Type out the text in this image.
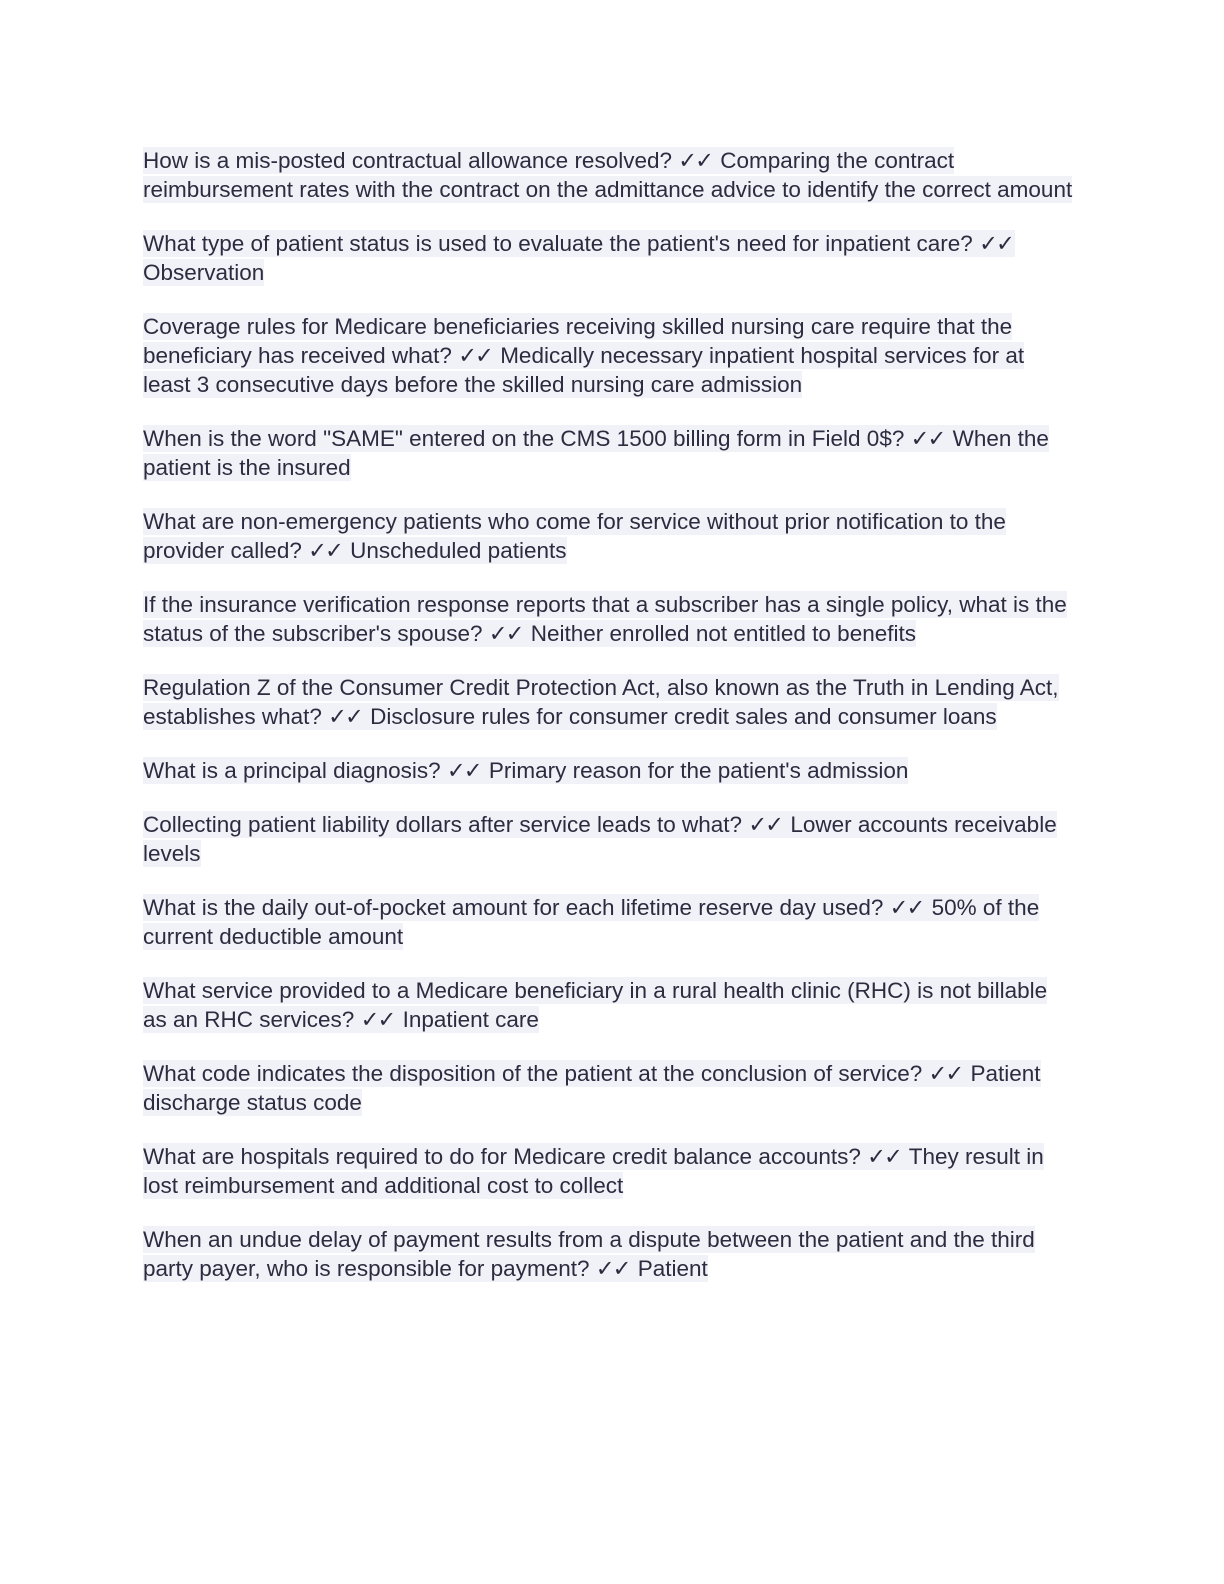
How is a mis-posted contractual allowance resolved? ✓✓ Comparing the contract reimbursement rates with the contract on the admittance advice to identify the correct amount

What type of patient status is used to evaluate the patient's need for inpatient care? ✓✓ Observation

Coverage rules for Medicare beneficiaries receiving skilled nursing care require that the beneficiary has received what? ✓✓ Medically necessary inpatient hospital services for at least 3 consecutive days before the skilled nursing care admission

When is the word "SAME" entered on the CMS 1500 billing form in Field 0$? ✓✓ When the patient is the insured

What are non-emergency patients who come for service without prior notification to the provider called? ✓✓ Unscheduled patients

If the insurance verification response reports that a subscriber has a single policy, what is the status of the subscriber's spouse? ✓✓ Neither enrolled not entitled to benefits

Regulation Z of the Consumer Credit Protection Act, also known as the Truth in Lending Act, establishes what? ✓✓ Disclosure rules for consumer credit sales and consumer loans

What is a principal diagnosis? ✓✓ Primary reason for the patient's admission

Collecting patient liability dollars after service leads to what? ✓✓ Lower accounts receivable levels

What is the daily out-of-pocket amount for each lifetime reserve day used? ✓✓ 50% of the current deductible amount

What service provided to a Medicare beneficiary in a rural health clinic (RHC) is not billable as an RHC services? ✓✓ Inpatient care

What code indicates the disposition of the patient at the conclusion of service? ✓✓ Patient discharge status code

What are hospitals required to do for Medicare credit balance accounts? ✓✓ They result in lost reimbursement and additional cost to collect

When an undue delay of payment results from a dispute between the patient and the third party payer, who is responsible for payment? ✓✓ Patient
